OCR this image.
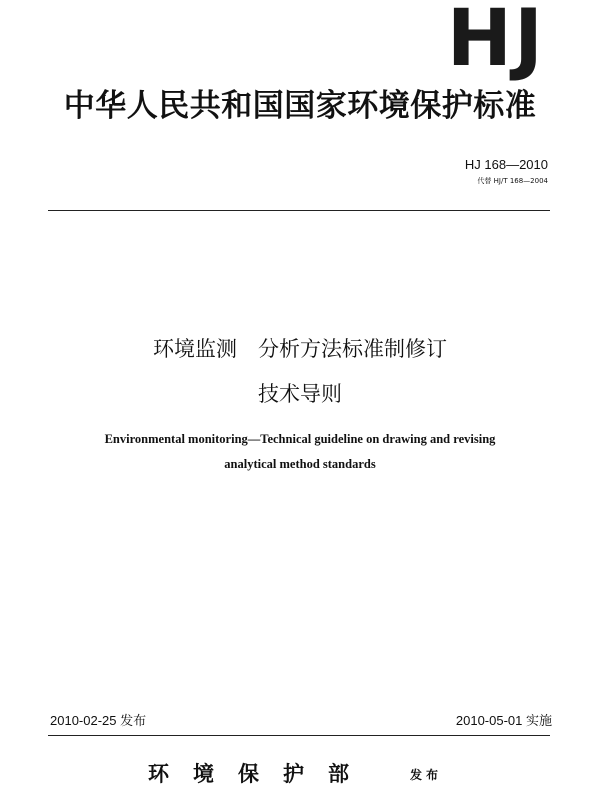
HJ
中华人民共和国国家环境保护标准
HJ 168—2010
代替 HJ/T 168—2004
环境监测　分析方法标准制修订
技术导则
Environmental monitoring—Technical guideline on drawing and revising
analytical method standards
2010-02-25 发布	2010-05-01 实施
环境保护部	发布
